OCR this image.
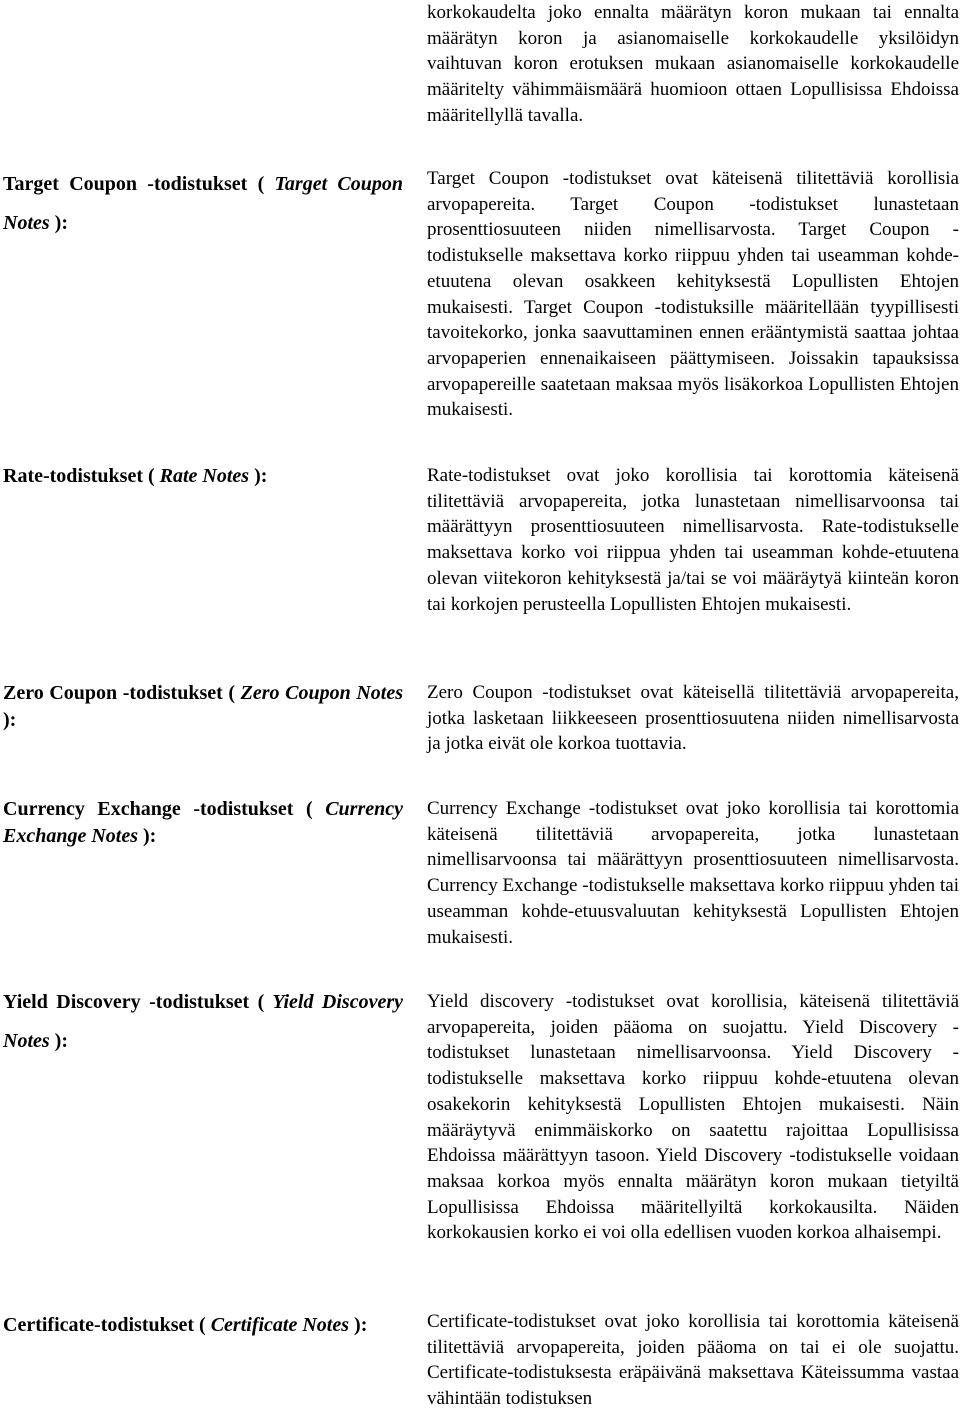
korkokaudelta joko ennalta määrätyn koron mukaan tai ennalta määrätyn koron ja asianomaiselle korkokaudelle yksilöidyn vaihtuvan koron erotuksen mukaan asianomaiselle korkokaudelle määritelty vähimmäismäärä huomioon ottaen Lopullisissa Ehdoissa määritellyllä tavalla.
Target Coupon -todistukset ( Target Coupon Notes ):
Target Coupon -todistukset ovat käteisenä tilitettäviä korollisia arvopapereita. Target Coupon -todistukset lunastetaan prosenttiosuuteen niiden nimellisarvosta. Target Coupon -todistukselle maksettava korko riippuu yhden tai useamman kohde-etuutena olevan osakkeen kehityksestä Lopullisten Ehtojen mukaisesti. Target Coupon -todistuksille määritellään tyypillisesti tavoitekorko, jonka saavuttaminen ennen erääntymistä saattaa johtaa arvopaperien ennenaikaiseen päättymiseen. Joissakin tapauksissa arvopapereille saatetaan maksaa myös lisäkorkoa Lopullisten Ehtojen mukaisesti.
Rate-todistukset ( Rate Notes ):	Rate-todistukset ovat joko korollisia tai korottomia käteisenä tilitettäviä arvopapereita, jotka lunastetaan nimellisarvoonsa tai määrättyyn prosenttiosuuteen nimellisarvosta. Rate-todistukselle maksettava korko voi riippua yhden tai useamman kohde-etuutena olevan viitekoron kehityksestä ja/tai se voi määräytyä kiinteän koron tai korkojen perusteella Lopullisten Ehtojen mukaisesti.
Zero Coupon -todistukset ( Zero Coupon Notes ):
Zero Coupon -todistukset ovat käteisellä tilitettäviä arvopapereita, jotka lasketaan liikkeeseen prosenttiosuutena niiden nimellisarvosta ja jotka eivät ole korkoa tuottavia.
Currency Exchange -todistukset ( Currency Exchange Notes ):
Currency Exchange -todistukset ovat joko korollisia tai korottomia käteisenä tilitettäviä arvopapereita, jotka lunastetaan nimellisarvoonsa tai määrättyyn prosenttiosuuteen nimellisarvosta. Currency Exchange -todistukselle maksettava korko riippuu yhden tai useamman kohde-etuusvaluutan kehityksestä Lopullisten Ehtojen mukaisesti.
Yield Discovery -todistukset ( Yield Discovery Notes ):
Yield discovery -todistukset ovat korollisia, käteisenä tilitettäviä arvopapereita, joiden pääoma on suojattu. Yield Discovery -todistukset lunastetaan nimellisarvoonsa. Yield Discovery -todistukselle maksettava korko riippuu kohde-etuutena olevan osakekorin kehityksestä Lopullisten Ehtojen mukaisesti. Näin määräytyvä enimmäiskorko on saatettu rajoittaa Lopullisissa Ehdoissa määrättyyn tasoon. Yield Discovery -todistukselle voidaan maksaa korkoa myös ennalta määrätyn koron mukaan tietyiltä Lopullisissa Ehdoissa määritellyiltä korkokausilta. Näiden korkokausien korko ei voi olla edellisen vuoden korkoa alhaisempi.
Certificate-todistukset ( Certificate Notes ):	Certificate-todistukset ovat joko korollisia tai korottomia käteisenä tilitettäviä arvopapereita, joiden pääoma on tai ei ole suojattu. Certificate-todistuksesta eräpäivänä maksettava Käteissumma vastaa vähintään todistuksen
